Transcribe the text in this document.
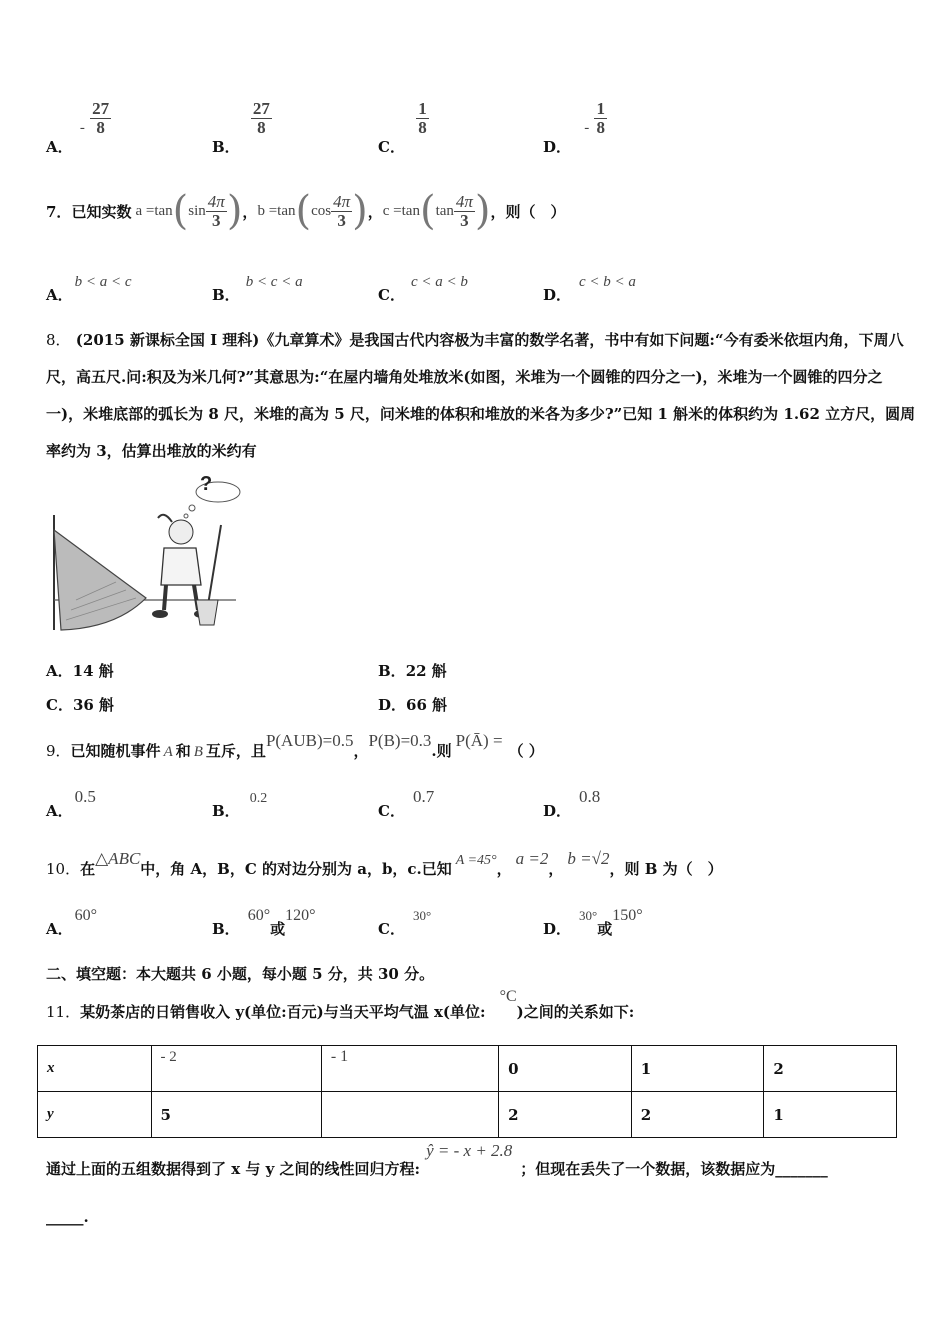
A． - $\frac{27}{8}$
B．
$\frac{27}{8}$
C．
$\frac{1}{8}$
D． - $\frac{1}{8}$
7． 已知实数 a =tan ( $\sin \frac{4\pi}{3}$ ) ， b =tan ( $\cos \frac{4\pi}{3}$ ) ， c =tan ( $\tan \frac{4\pi}{3}$ ) ，则（　）
A．b < a < c
B．b < c < a
C．c < a < b
D．c < b < a
8． (2015 新课标全国 I 理科)《九章算术》是我国古代内容极为丰富的数学名著，书中有如下问题:“今有委米依垣内角，下周八尺，高五尺.问:积及为米几何?”其意思为:“在屋内墙角处堆放米(如图，米堆为一个圆锥的四分之一)，米堆为一个圆锥的四分之一)，米堆底部的弧长为 8 尺，米堆的高为 5 尺，问米堆的体积和堆放的米各为多少?”已知 1 斛米的体积约为 1.62 立方尺，圆周率约为 3，估算出堆放的米约有
?
A．14 斛	B．22 斛
C．36 斛	D．66 斛
9．已知随机事件 A 和 B 互斥，且P(AUB)=0.5，P(B)=0.3.则P(Ā) =（ ）
A．0.5
B．0.2
C．0.7
D．0.8
10．在△ABC中，角 A，B，C 的对边分别为 a，b，c.已知 A =45°，a =2，b =√2，则 B 为（　）
A．60°
B．60°或120°
C．30°
D．30°或150°
二、填空题：本大题共 6 小题，每小题 5 分，共 30 分。
11．某奶茶店的日销售收入 y(单位:百元)与当天平均气温 x(单位:°C)之间的关系如下:
x	- 2	- 1	0	1	2
y	5		2	2	1
通过上面的五组数据得到了 x 与 y 之间的线性回归方程:ŷ = - x + 2.8；但现在丢失了一个数据，该数据应为_______
_____.
